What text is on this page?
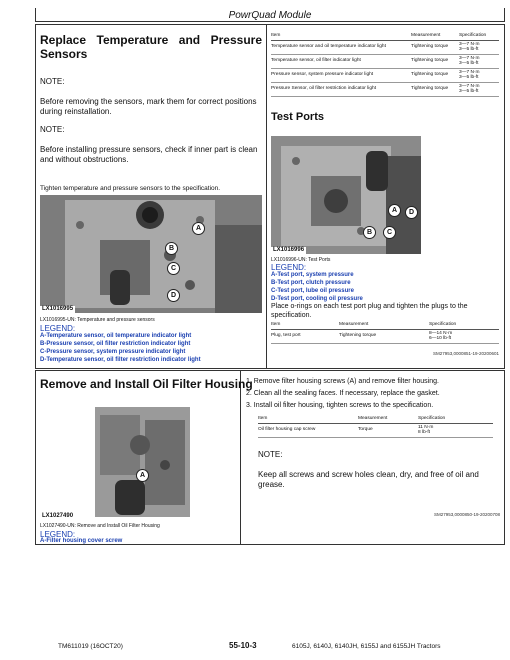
PowrQuad Module
Replace Temperature and Pressure Sensors
NOTE:
Before removing the sensors, mark them for correct positions during reinstallation.
NOTE:
Before installing pressure sensors, check if inner part is clean and without obstructions.
Tighten temperature and pressure sensors to the specification.
A
B
C
D
LX1016995
LX1016995-UN: Temperature and pressure sensors
LEGEND:
A-Temperature sensor, oil temperature indicator light
B-Pressure sensor, oil filter restriction indicator light
C-Pressure sensor, system pressure indicator light
D-Temperature sensor, oil filter restriction indicator light
Item	Measurement	Specification
Temperature sensor and oil temperature indicator light	Tightening torque	3—7 N·m
3—5 lb-ft

Temperature sensor, oil filter indicator light	Tightening torque	3—7 N·m
3—5 lb-ft

Pressure sensor, system pressure indicator light	Tightening torque	3—7 N·m
3—5 lb-ft

Pressure Sensor, oil filter restriction indicator light	Tightening torque	3—7 N·m
3—5 lb-ft
Test Ports
A
B	C
D
LX1016996
LX1016996-UN: Test Ports
LEGEND:
A-Test port, system pressure
B-Test port, clutch pressure
C-Test port, lube oil pressure
D-Test port, cooling oil pressure
Place o-rings on each test port plug and tighten the plugs to the specification.
Item	Measurement	Specification
Plug, test port	Tightening torque	8—14 N·m
6—10 lb-ft
SM27953,0000851-19-20200601
Remove and Install Oil Filter Housing
A
LX1027490
LX1027490-UN: Remove and Install Oil Filter Housing
LEGEND:
A-Filter housing cover screw
1. Remove filter housing screws (A) and remove filter housing.
2. Clean all the sealing faces. If necessary, replace the gasket.
3. Install oil filter housing, tighten screws to the specification.
Item	Measurement	Specification
Oil filter housing cap screw	Torque	11 N·m
8 lb-ft
NOTE:
Keep all screws and screw holes clean, dry, and free of oil and grease.
SM27953,0000850-19-20200708
TM611019 (16OCT20)	55-10-3	6105J, 6140J, 6140JH, 6155J and 6155JH Tractors
